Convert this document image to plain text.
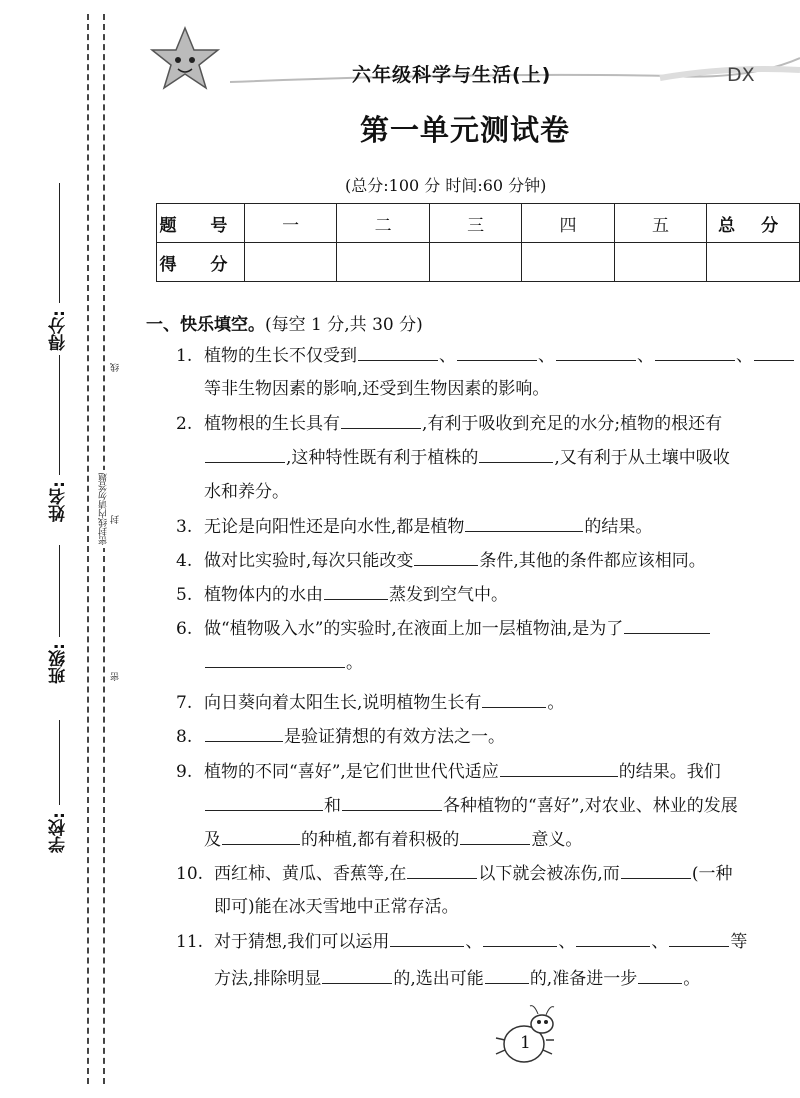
密封线内请勿答题
线
封
密
学校:
班级:
姓名:
得分:
六年级科学与生活(上)	DX
第一单元测试卷
(总分:100 分 时间:60 分钟)
题 号	一	二	三	四	五	总 分
得 分						
一、快乐填空。(每空 1 分,共 30 分)
1. 植物的生长不仅受到	、	、	、	、
等非生物因素的影响,还受到生物因素的影响。
2. 植物根的生长具有	,有利于吸收到充足的水分;植物的根还有
,这种特性既有利于植株的	,又有利于从土壤中吸收
水和养分。
3. 无论是向阳性还是向水性,都是植物	的结果。
4. 做对比实验时,每次只能改变	条件,其他的条件都应该相同。
5. 植物体内的水由	蒸发到空气中。
6. 做“植物吸入水”的实验时,在液面上加一层植物油,是为了
。
7. 向日葵向着太阳生长,说明植物生长有	。
8.	是验证猜想的有效方法之一。
9. 植物的不同“喜好”,是它们世世代代适应	的结果。我们
和	各种植物的“喜好”,对农业、林业的发展
及	的种植,都有着积极的	意义。
10. 西红柿、黄瓜、香蕉等,在	以下就会被冻伤,而	(一种
即可)能在冰天雪地中正常存活。
11. 对于猜想,我们可以运用	、	、	、	等
方法,排除明显	的,选出可能	的,准备进一步	。
1
